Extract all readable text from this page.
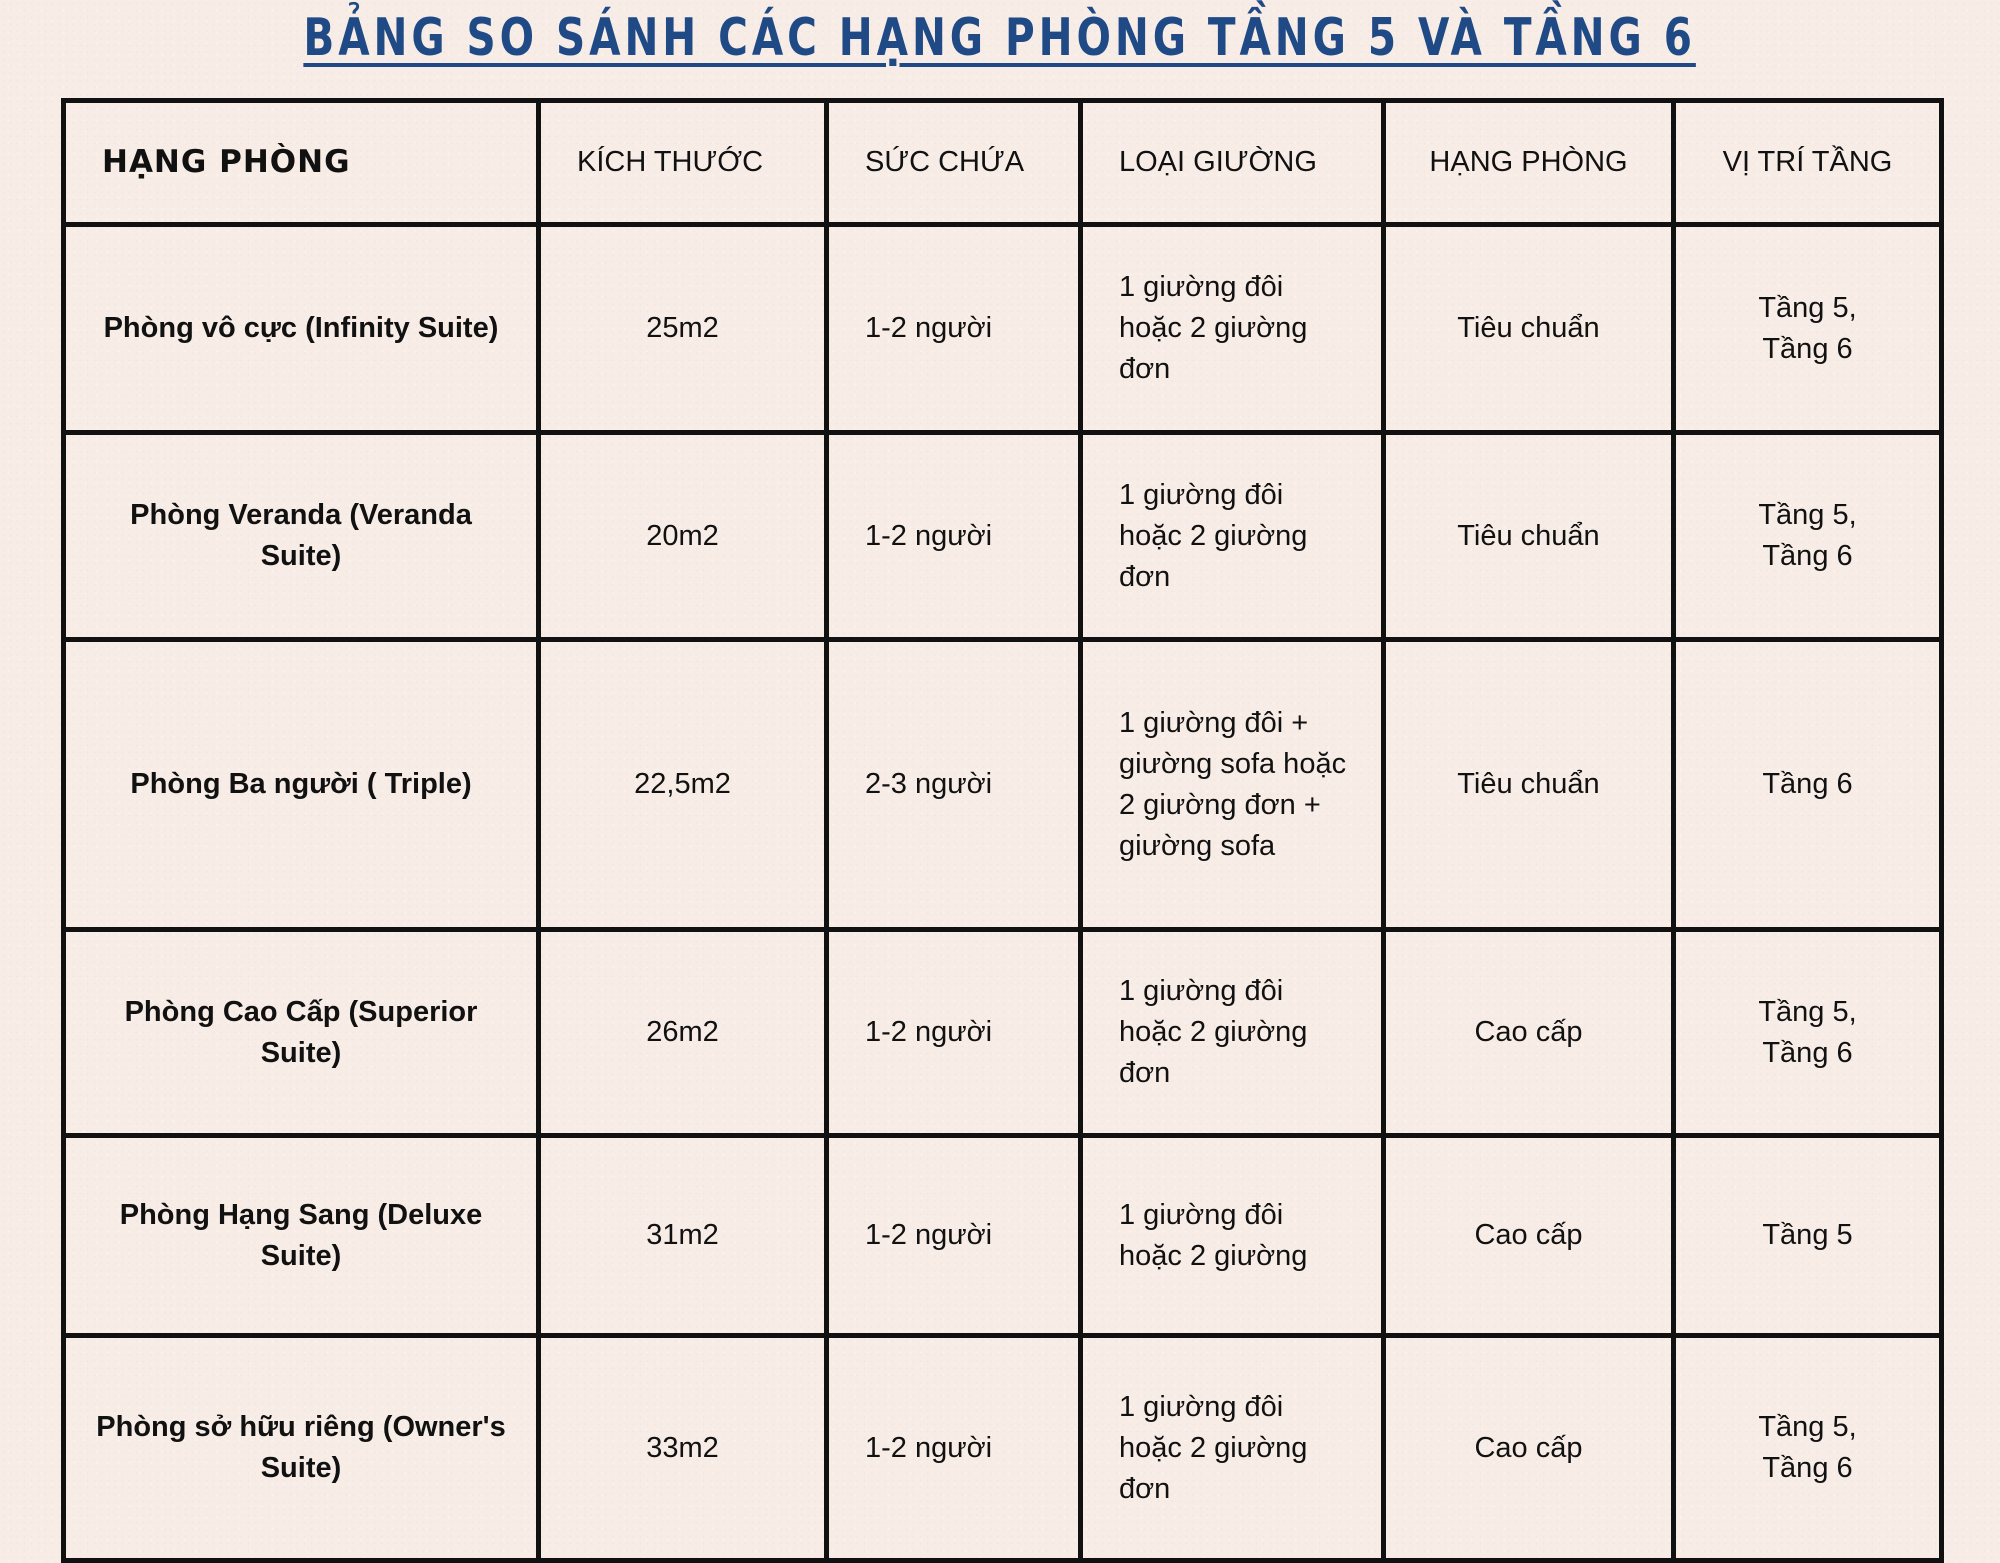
BẢNG SO SÁNH CÁC HẠNG PHÒNG TẦNG 5 VÀ TẦNG 6
HẠNG PHÒNG	KÍCH THƯỚC	SỨC CHỨA	LOẠI GIƯỜNG	HẠNG PHÒNG	VỊ TRÍ TẦNG
Phòng vô cực (Infinity Suite)	25m2	1-2 người	1 giường đôi hoặc 2 giường đơn	Tiêu chuẩn	Tầng 5, Tầng 6
Phòng Veranda (Veranda Suite)	20m2	1-2 người	1 giường đôi hoặc 2 giường đơn	Tiêu chuẩn	Tầng 5, Tầng 6
Phòng Ba người ( Triple)	22,5m2	2-3 người	1 giường đôi + giường sofa hoặc 2 giường đơn + giường sofa	Tiêu chuẩn	Tầng 6
Phòng Cao Cấp (Superior Suite)	26m2	1-2 người	1 giường đôi hoặc 2 giường đơn	Cao cấp	Tầng 5, Tầng 6
Phòng Hạng Sang (Deluxe Suite)	31m2	1-2 người	1 giường đôi hoặc 2 giường	Cao cấp	Tầng 5
Phòng sở hữu riêng (Owner's Suite)	33m2	1-2 người	1 giường đôi hoặc 2 giường đơn	Cao cấp	Tầng 5, Tầng 6
